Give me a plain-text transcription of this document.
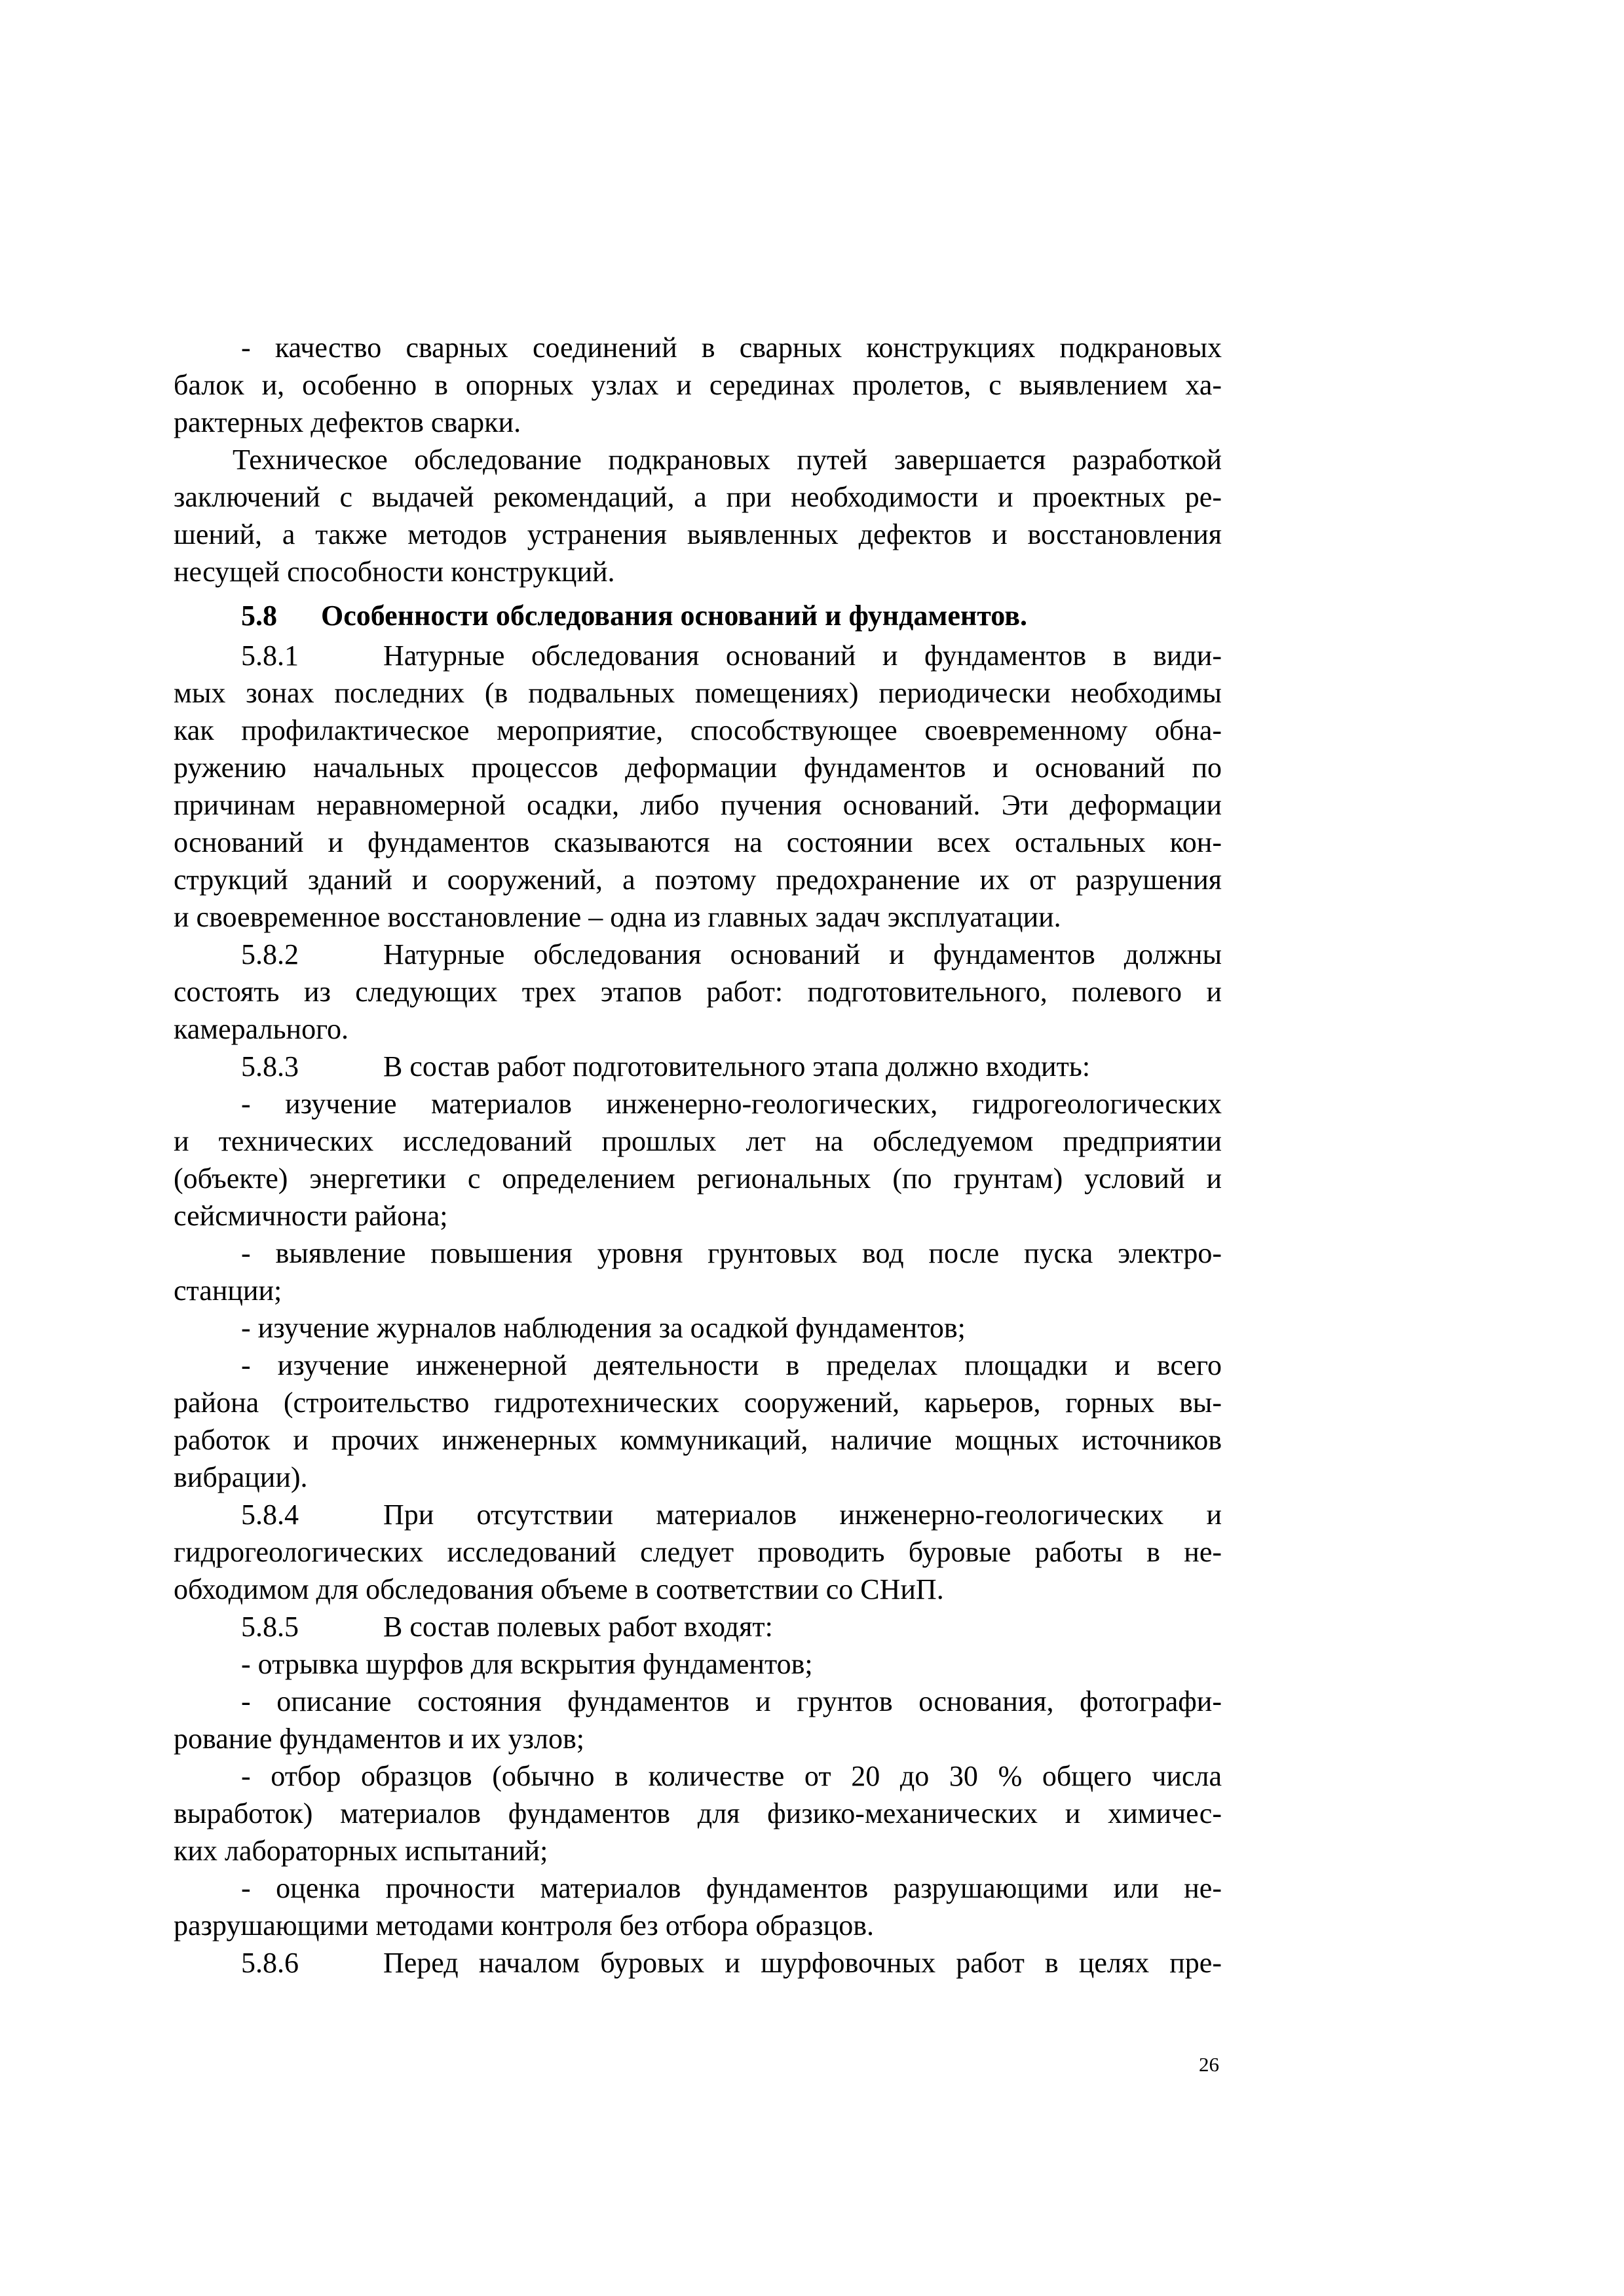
- качество сварных соединений в сварных конструкциях подкрановых
балок и, особенно в опорных узлах и серединах пролетов, с выявлением ха-
рактерных дефектов сварки.
Техническое обследование подкрановых путей завершается разработкой
заключений с выдачей рекомендаций, а при необходимости и проектных ре-
шений, а также методов устранения выявленных дефектов и восстановления
несущей способности конструкций.
5.8 Особенности обследования оснований и фундаментов.
5.8.1	Натурные обследования оснований и фундаментов в види-
мых зонах последних (в подвальных помещениях) периодически необходимы
как профилактическое мероприятие, способствующее своевременному обна-
ружению начальных процессов деформации фундаментов и оснований по
причинам неравномерной осадки, либо пучения оснований. Эти деформации
оснований и фундаментов сказываются на состоянии всех остальных кон-
струкций зданий и сооружений, а поэтому предохранение их от разрушения
и своевременное восстановление – одна из главных задач эксплуатации.
5.8.2	Натурные обследования оснований и фундаментов должны
состоять из следующих трех этапов работ: подготовительного, полевого и
камерального.
5.8.3	В состав работ подготовительного этапа должно входить:
- изучение материалов инженерно-геологических, гидрогеологических
и технических исследований прошлых лет на обследуемом предприятии
(объекте) энергетики с определением региональных (по грунтам) условий и
сейсмичности района;
- выявление повышения уровня грунтовых вод после пуска электро-
станции;
- изучение журналов наблюдения за осадкой фундаментов;
- изучение инженерной деятельности в пределах площадки и всего
района (строительство гидротехнических сооружений, карьеров, горных вы-
работок и прочих инженерных коммуникаций, наличие мощных источников
вибрации).
5.8.4	При отсутствии материалов инженерно-геологических и
гидрогеологических исследований следует проводить буровые работы в не-
обходимом для обследования объеме в соответствии со СНиП.
5.8.5	В состав полевых работ входят:
- отрывка шурфов для вскрытия фундаментов;
- описание состояния фундаментов и грунтов основания, фотографи-
рование фундаментов и их узлов;
- отбор образцов (обычно в количестве от 20 до 30 % общего числа
выработок) материалов фундаментов для физико-механических и химичес-
ких лабораторных испытаний;
- оценка прочности материалов фундаментов разрушающими или не-
разрушающими методами контроля без отбора образцов.
5.8.6	Перед началом буровых и шурфовочных работ в целях пре-
26
